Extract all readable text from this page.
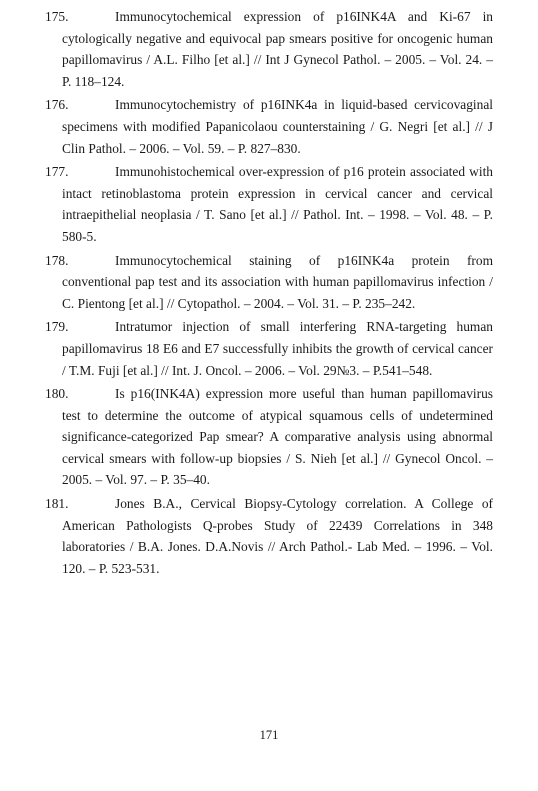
175.	Immunocytochemical expression of p16INK4A and Ki-67 in cytologically negative and equivocal pap smears positive for oncogenic human papillomavirus / A.L. Filho [et al.] // Int J Gynecol Pathol. – 2005. – Vol. 24. – P. 118–124.
176.	Immunocytochemistry of p16INK4a in liquid-based cervicovaginal specimens with modified Papanicolaou counterstaining / G. Negri [et al.] // J Clin Pathol. – 2006. – Vol. 59. – P. 827–830.
177.	Immunohistochemical over-expression of p16 protein associated with intact retinoblastoma protein expression in cervical cancer and cervical intraepithelial neoplasia / T. Sano [et al.] // Pathol. Int. – 1998. – Vol. 48. – P. 580-5.
178.	Immunocytochemical staining of p16INK4a protein from conventional pap test and its association with human papillomavirus infection / C. Pientong [et al.] // Cytopathol. – 2004. – Vol. 31. – P. 235–242.
179.	Intratumor injection of small interfering RNA-targeting human papillomavirus 18 E6 and E7 successfully inhibits the growth of cervical cancer / T.M. Fuji [et al.] // Int. J. Oncol. – 2006. – Vol. 29№3. – P.541–548.
180.	Is p16(INK4A) expression more useful than human papillomavirus test to determine the outcome of atypical squamous cells of undetermined significance-categorized Pap smear? A comparative analysis using abnormal cervical smears with follow-up biopsies / S. Nieh [et al.] // Gynecol Oncol. – 2005. – Vol. 97. – P. 35–40.
181.	Jones B.A., Cervical Biopsy-Cytology correlation. A College of American Pathologists Q-probes Study of 22439 Correlations in 348 laboratories / B.A. Jones. D.A.Novis // Arch Pathol.- Lab Med. – 1996. – Vol. 120. – P. 523-531.
171
